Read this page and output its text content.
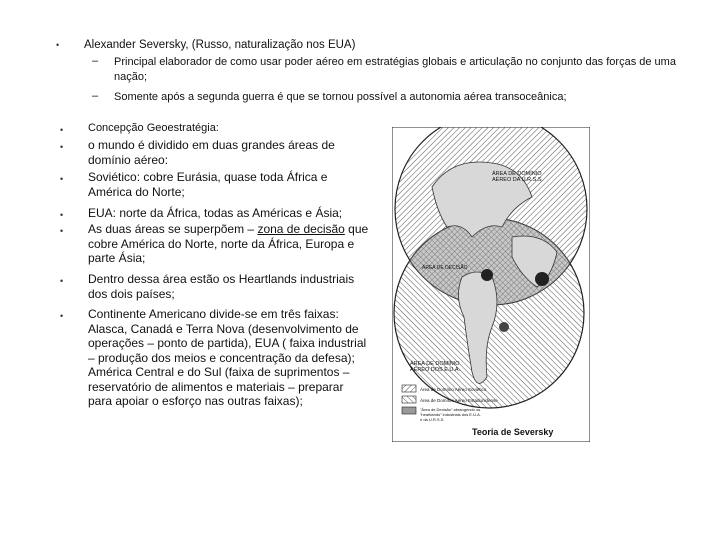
• Alexander Seversky, (Russo, naturalização nos EUA)
– Principal elaborador de como usar poder aéreo em estratégias globais e articulação no conjunto das forças de uma nação;
– Somente após a segunda guerra é que se tornou possível a autonomia aérea transoceânica;
• Concepção Geoestratégia:
• o mundo é dividido em duas grandes áreas de domínio aéreo:
• Soviético: cobre Eurásia, quase toda África e América do Norte;
• EUA: norte da África, todas as Américas e Ásia;
• As duas áreas se superpõem – zona de decisão que cobre América do Norte, norte da África, Europa e parte Ásia;
• Dentro dessa área estão os Heartlands industriais dos dois países;
• Continente Americano divide-se em três faixas: Alasca, Canadá e Terra Nova (desenvolvimento de operações – ponto de partida), EUA ( faixa industrial – produção dos meios e concentração da defesa); América Central e do Sul (faixa de suprimentos – reservatório de alimentos e materiais – preparar para apoiar o esforço nas outras faixas);
ÁREA DE DOMÍNIO AÉREO DA U.R.S.S.
ÁREA DE DECISÃO
ÁREA DE DOMÍNIO AÉREO DOS E.U.A.
Área de Domínio Aéreo Soviético
Área de Domínio Aéreo Estadunidense
"Área de Decisão" abrangendo os "heartlands" industriais dos E.U.A. e da U.R.S.S.
Teoria de Seversky
